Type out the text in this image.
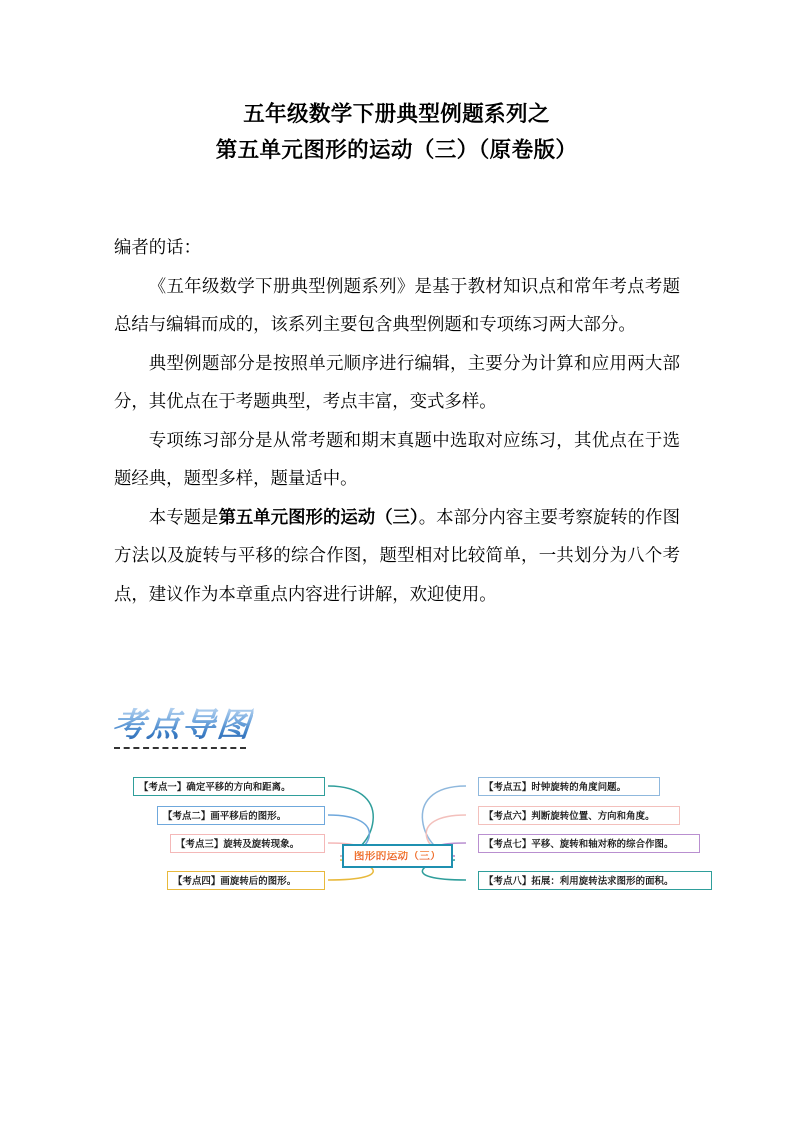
五年级数学下册典型例题系列之
第五单元图形的运动（三）（原卷版）

编者的话：

《五年级数学下册典型例题系列》是基于教材知识点和常年考点考题总结与编辑而成的，该系列主要包含典型例题和专项练习两大部分。

典型例题部分是按照单元顺序进行编辑，主要分为计算和应用两大部分，其优点在于考题典型，考点丰富，变式多样。

专项练习部分是从常考题和期末真题中选取对应练习，其优点在于选题经典，题型多样，题量适中。

本专题是第五单元图形的运动（三）。本部分内容主要考察旋转的作图方法以及旋转与平移的综合作图，题型相对比较简单，一共划分为八个考点，建议作为本章重点内容进行讲解，欢迎使用。

考点导图
【考点一】确定平移的方向和距离。
【考点二】画平移后的图形。
【考点三】旋转及旋转现象。
【考点四】画旋转后的图形。
图形的运动（三）
【考点五】时钟旋转的角度问题。
【考点六】判断旋转位置、方向和角度。
【考点七】平移、旋转和轴对称的综合作图。
【考点八】拓展：利用旋转法求图形的面积。
